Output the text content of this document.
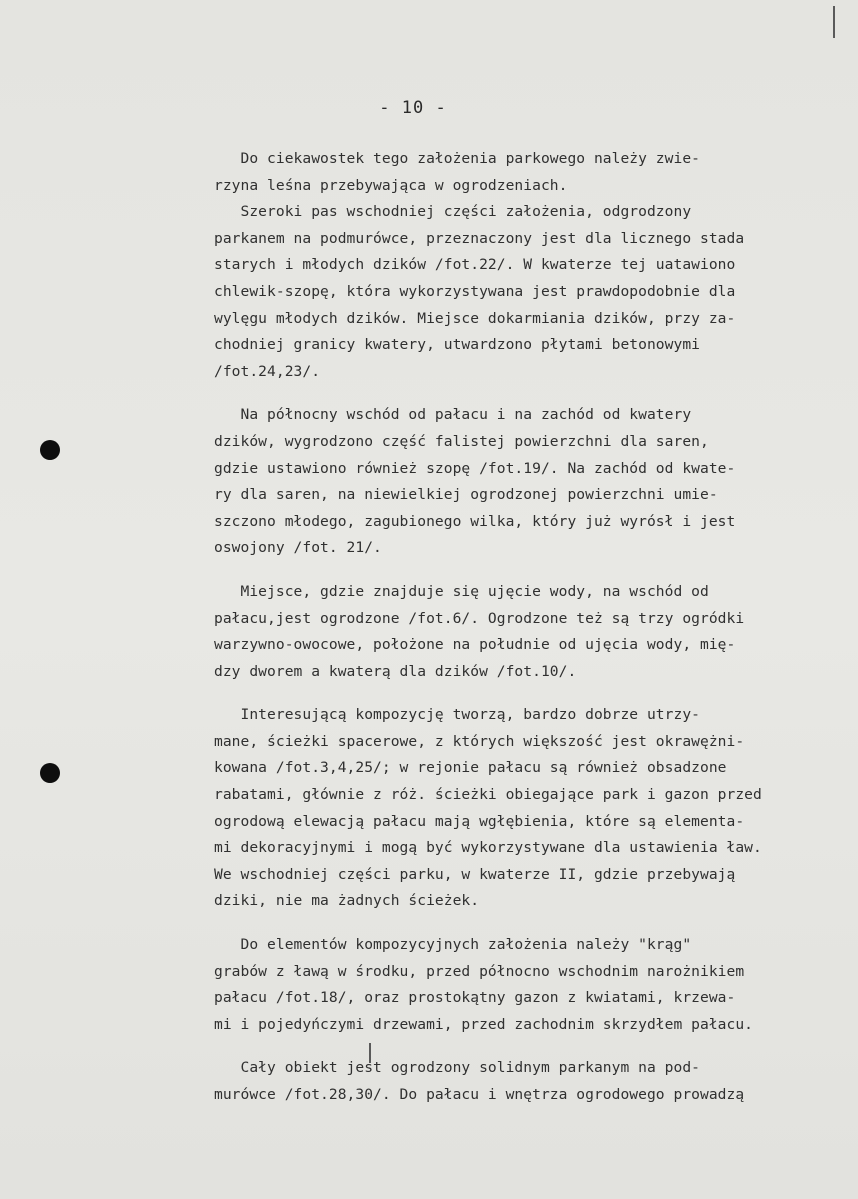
- 10 -

Do ciekawostek tego założenia parkowego należy zwie-
rzyna leśna przebywająca w ogrodzeniach.

Szeroki pas wschodniej części założenia, odgrodzony
parkanem na podmurówce, przeznaczony jest dla licznego stada
starych i młodych dzików /fot.22/. W kwaterze tej uatawiono
chlewik-szopę, która wykorzystywana jest prawdopodobnie dla
wylęgu młodych dzików. Miejsce dokarmiania dzików, przy za-
chodniej granicy kwatery, utwardzono płytami betonowymi
/fot.24,23/.

Na północny wschód od pałacu i na zachód od kwatery
dzików, wygrodzono część falistej powierzchni dla saren,
gdzie ustawiono również szopę /fot.19/. Na zachód od kwate-
ry dla saren, na niewielkiej ogrodzonej powierzchni umie-
szczono młodego, zagubionego wilka, który już wyrósł i jest
oswojony /fot. 21/.

Miejsce, gdzie znajduje się ujęcie wody, na wschód od
pałacu,jest ogrodzone /fot.6/. Ogrodzone też są trzy ogródki
warzywno-owocowe, położone na południe od ujęcia wody, mię-
dzy dworem a kwaterą dla dzików /fot.10/.

Interesującą kompozycję tworzą, bardzo dobrze utrzy-
mane, ścieżki spacerowe, z których większość jest okrawężni-
kowana /fot.3,4,25/; w rejonie pałacu są również obsadzone
rabatami, głównie z róż. ścieżki obiegające park i gazon przed
ogrodową elewacją pałacu mają wgłębienia, które są elementa-
mi dekoracyjnymi i mogą być wykorzystywane dla ustawienia ław.
We wschodniej części parku, w kwaterze II, gdzie przebywają
dziki, nie ma żadnych ścieżek.

Do elementów kompozycyjnych założenia należy "krąg"
grabów z ławą w środku, przed północno wschodnim narożnikiem
pałacu /fot.18/, oraz prostokątny gazon z kwiatami, krzewa-
mi i pojedyńczymi drzewami, przed zachodnim skrzydłem pałacu.

Cały obiekt jest ogrodzony solidnym parkanym na pod-
murówce /fot.28,30/. Do pałacu i wnętrza ogrodowego prowadzą
